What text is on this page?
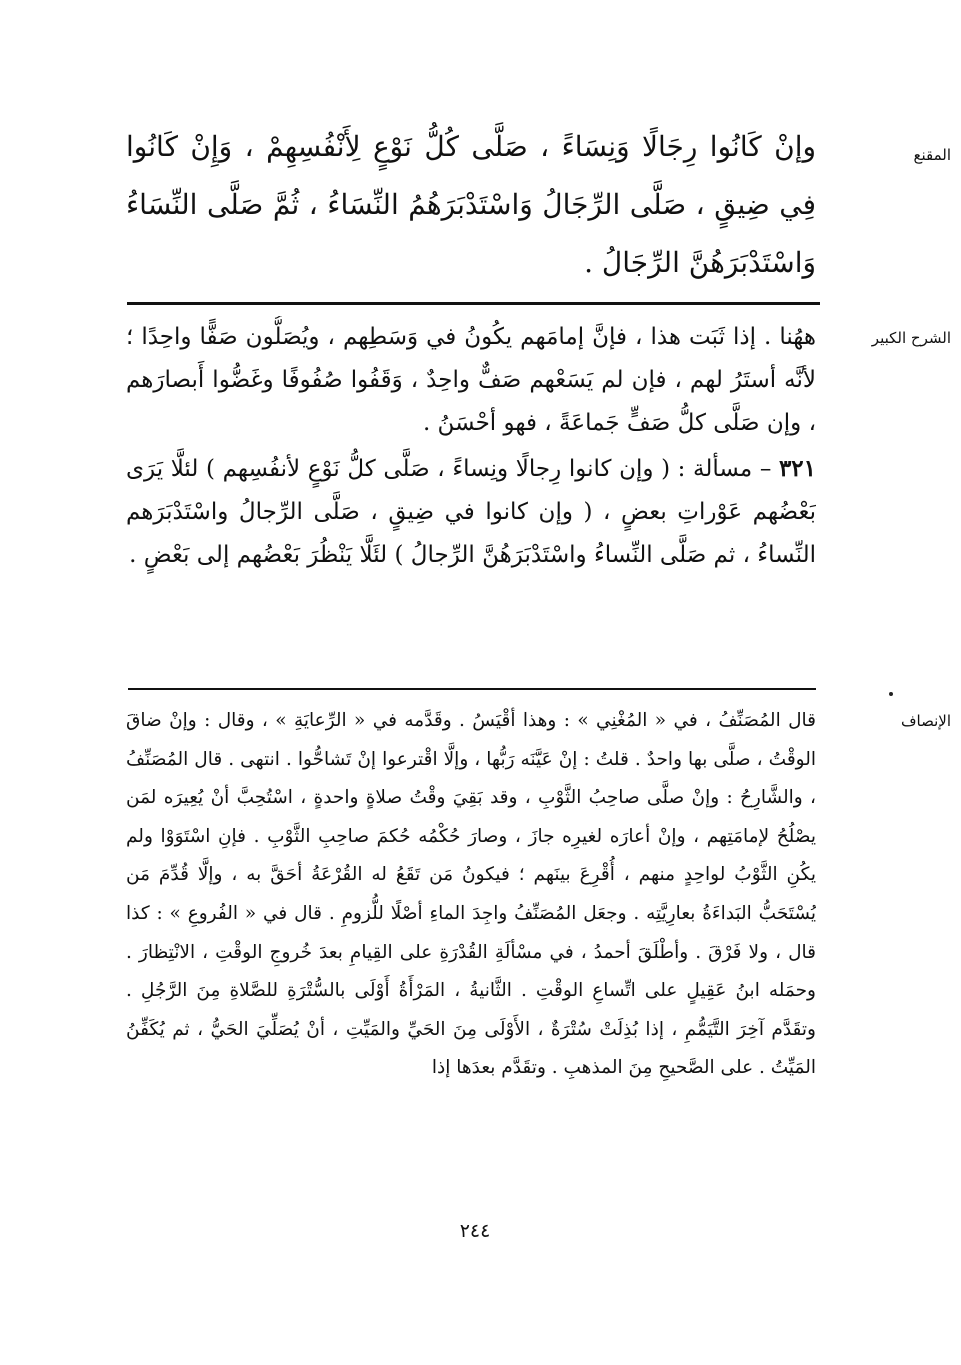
المقنع

وإنْ كَانُوا رِجَالًا وَنِسَاءً ، صَلَّى كُلُّ نَوْعٍ لِأَنْفُسِهِمْ ، وَإِنْ كَانُوا فِي ضِيقٍ ، صَلَّى الرِّجَالُ وَاسْتَدْبَرَهُمُ النِّسَاءُ ، ثُمَّ صَلَّى النِّسَاءُ وَاسْتَدْبَرَهُنَّ الرِّجَالُ .

الشرح الكبير

ههُنا . إذا ثَبَت هذا ، فإنَّ إمامَهم يكُونُ في وَسَطِهم ، ويُصَلُّون صَفًّا واحِدًا ؛ لأنَّه أستَرُ لهم ، فإن لم يَسَعْهم صَفٌّ واحِدٌ ، وَقَفُوا صُفُوفًا وغَضُّوا أَبصارَهم ، وإن صَلَّى كلُّ صَفٍّ جَماعَةً ، فهو أحْسَنُ .

٣٢١ – مسألة : ( وإن كانوا رِجالًا ونِساءً ، صَلَّى كلُّ نَوْعٍ لأنفُسِهم ) لئلَّا يَرَى بَعْضُهم عَوْراتِ بعضٍ ، ( وإن كانوا في ضِيقٍ ، صَلَّى الرِّجالُ واسْتَدْبَرَهم النِّساءُ ، ثم صَلَّى النِّساءُ واسْتَدْبَرَهُنَّ الرِّجالُ ) لئَلَّا يَنْظُرَ بَعْضُهم إلى بَعْضٍ .

الإنصاف

قال المُصَنِّفُ ، في « المُغْنِي » : وهذا أقْيَسُ . وقَدَّمه في « الرِّعايَةِ » ، وقال : وإنْ ضاقَ الوقْتُ ، صلَّى بها واحدٌ . قلتُ : إنْ عَيَّنَه رَبُّها ، وإلَّا اقْترعوا إنْ تَشاحُّوا . انتهى . قال المُصَنِّفُ ، والشَّارِحُ : وإنْ صلَّى صاحِبُ الثَّوْبِ ، وقد بَقِيَ وقْتُ صلاةٍ واحدةٍ ، اسْتُحِبَّ أنْ يُعِيرَه لمَن يصْلُحُ لإمامَتِهم ، وإنْ أعارَه لغيرِه جازَ ، وصارَ حُكْمُه حُكمَ صاحِبِ الثَّوْبِ . فإنِ اسْتَوَوْا ولم يكُنِ الثَّوْبُ لواحِدٍ منهم ، أُقْرِعَ بينَهم ؛ فيكونُ مَن تَقَعُ له القُرْعَةُ أحَقَّ به ، وإلَّا قُدِّمَ مَن يُسْتَحَبُّ البَداءَةُ بعارِيَّتِه . وجعَل المُصَنِّفُ واجِدَ الماءِ أصْلًا للُّزومِ . قال في « الفُروعِ » : كذا قال ، ولا فَرْقَ . وأطْلَقَ أحمدُ ، في مسْألَةِ القُدْرَةِ على القِيامِ بعدَ خُروجِ الوقْتِ ، الانْتِظارَ . وحمَله ابنُ عَقِيلٍ على اتِّساعِ الوقْتِ . الثَّانيةُ ، المَرْأَةُ أَوْلَى بالسُّتْرَةِ للصَّلاةِ مِنَ الرَّجُلِ . وتقَدَّم آخِرَ التَّيَمُّمِ ، إذا بُذِلَتْ سُتْرَةٌ ، الأَوْلَى مِنَ الحَيِّ والمَيِّتِ ، أنْ يُصَلِّيَ الحَيُّ ، ثم يُكَفِّنُ المَيِّتُ . على الصَّحيحِ مِنَ المذهبِ . وتقَدَّم بعدَها إذا

٢٤٤
